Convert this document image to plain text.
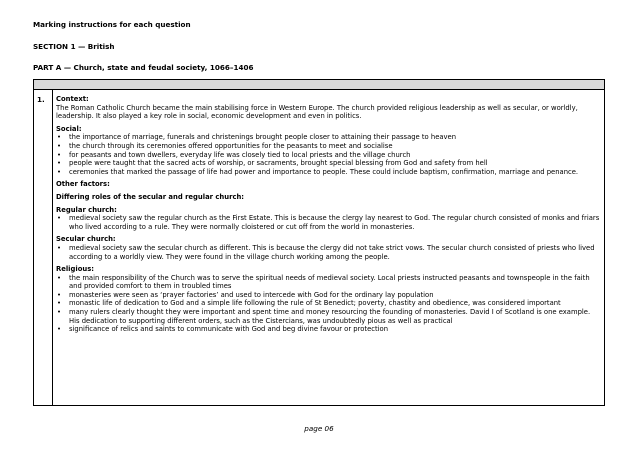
Marking instructions for each question
SECTION 1 — British
PART A — Church, state and feudal society, 1066–1406
1. Context:

The Roman Catholic Church became the main stabilising force in Western Europe. The church provided religious leadership as well as secular, or worldly, leadership. It also played a key role in social, economic development and even in politics.

Social:

• the importance of marriage, funerals and christenings brought people closer to attaining their passage to heaven
• the church through its ceremonies offered opportunities for the peasants to meet and socialise
• for peasants and town dwellers, everyday life was closely tied to local priests and the village church
• people were taught that the sacred acts of worship, or sacraments, brought special blessing from God and safety from hell
• ceremonies that marked the passage of life had power and importance to people. These could include baptism, confirmation, marriage and penance.

Other factors:

Differing roles of the secular and regular church:

Regular church:

• medieval society saw the regular church as the First Estate. This is because the clergy lay nearest to God. The regular church consisted of monks and friars who lived according to a rule. They were normally cloistered or cut off from the world in monasteries.

Secular church:

• medieval society saw the secular church as different. This is because the clergy did not take strict vows. The secular church consisted of priests who lived according to a worldly view. They were found in the village church working among the people.

Religious:

• the main responsibility of the Church was to serve the spiritual needs of medieval society. Local priests instructed peasants and townspeople in the faith and provided comfort to them in troubled times
• monasteries were seen as ‘prayer factories’ and used to intercede with God for the ordinary lay population
• monastic life of dedication to God and a simple life following the rule of St Benedict; poverty, chastity and obedience, was considered important
• many rulers clearly thought they were important and spent time and money resourcing the founding of monasteries. David I of Scotland is one example. His dedication to supporting different orders, such as the Cistercians, was undoubtedly pious as well as practical
• significance of relics and saints to communicate with God and beg divine favour or protection
page 06
